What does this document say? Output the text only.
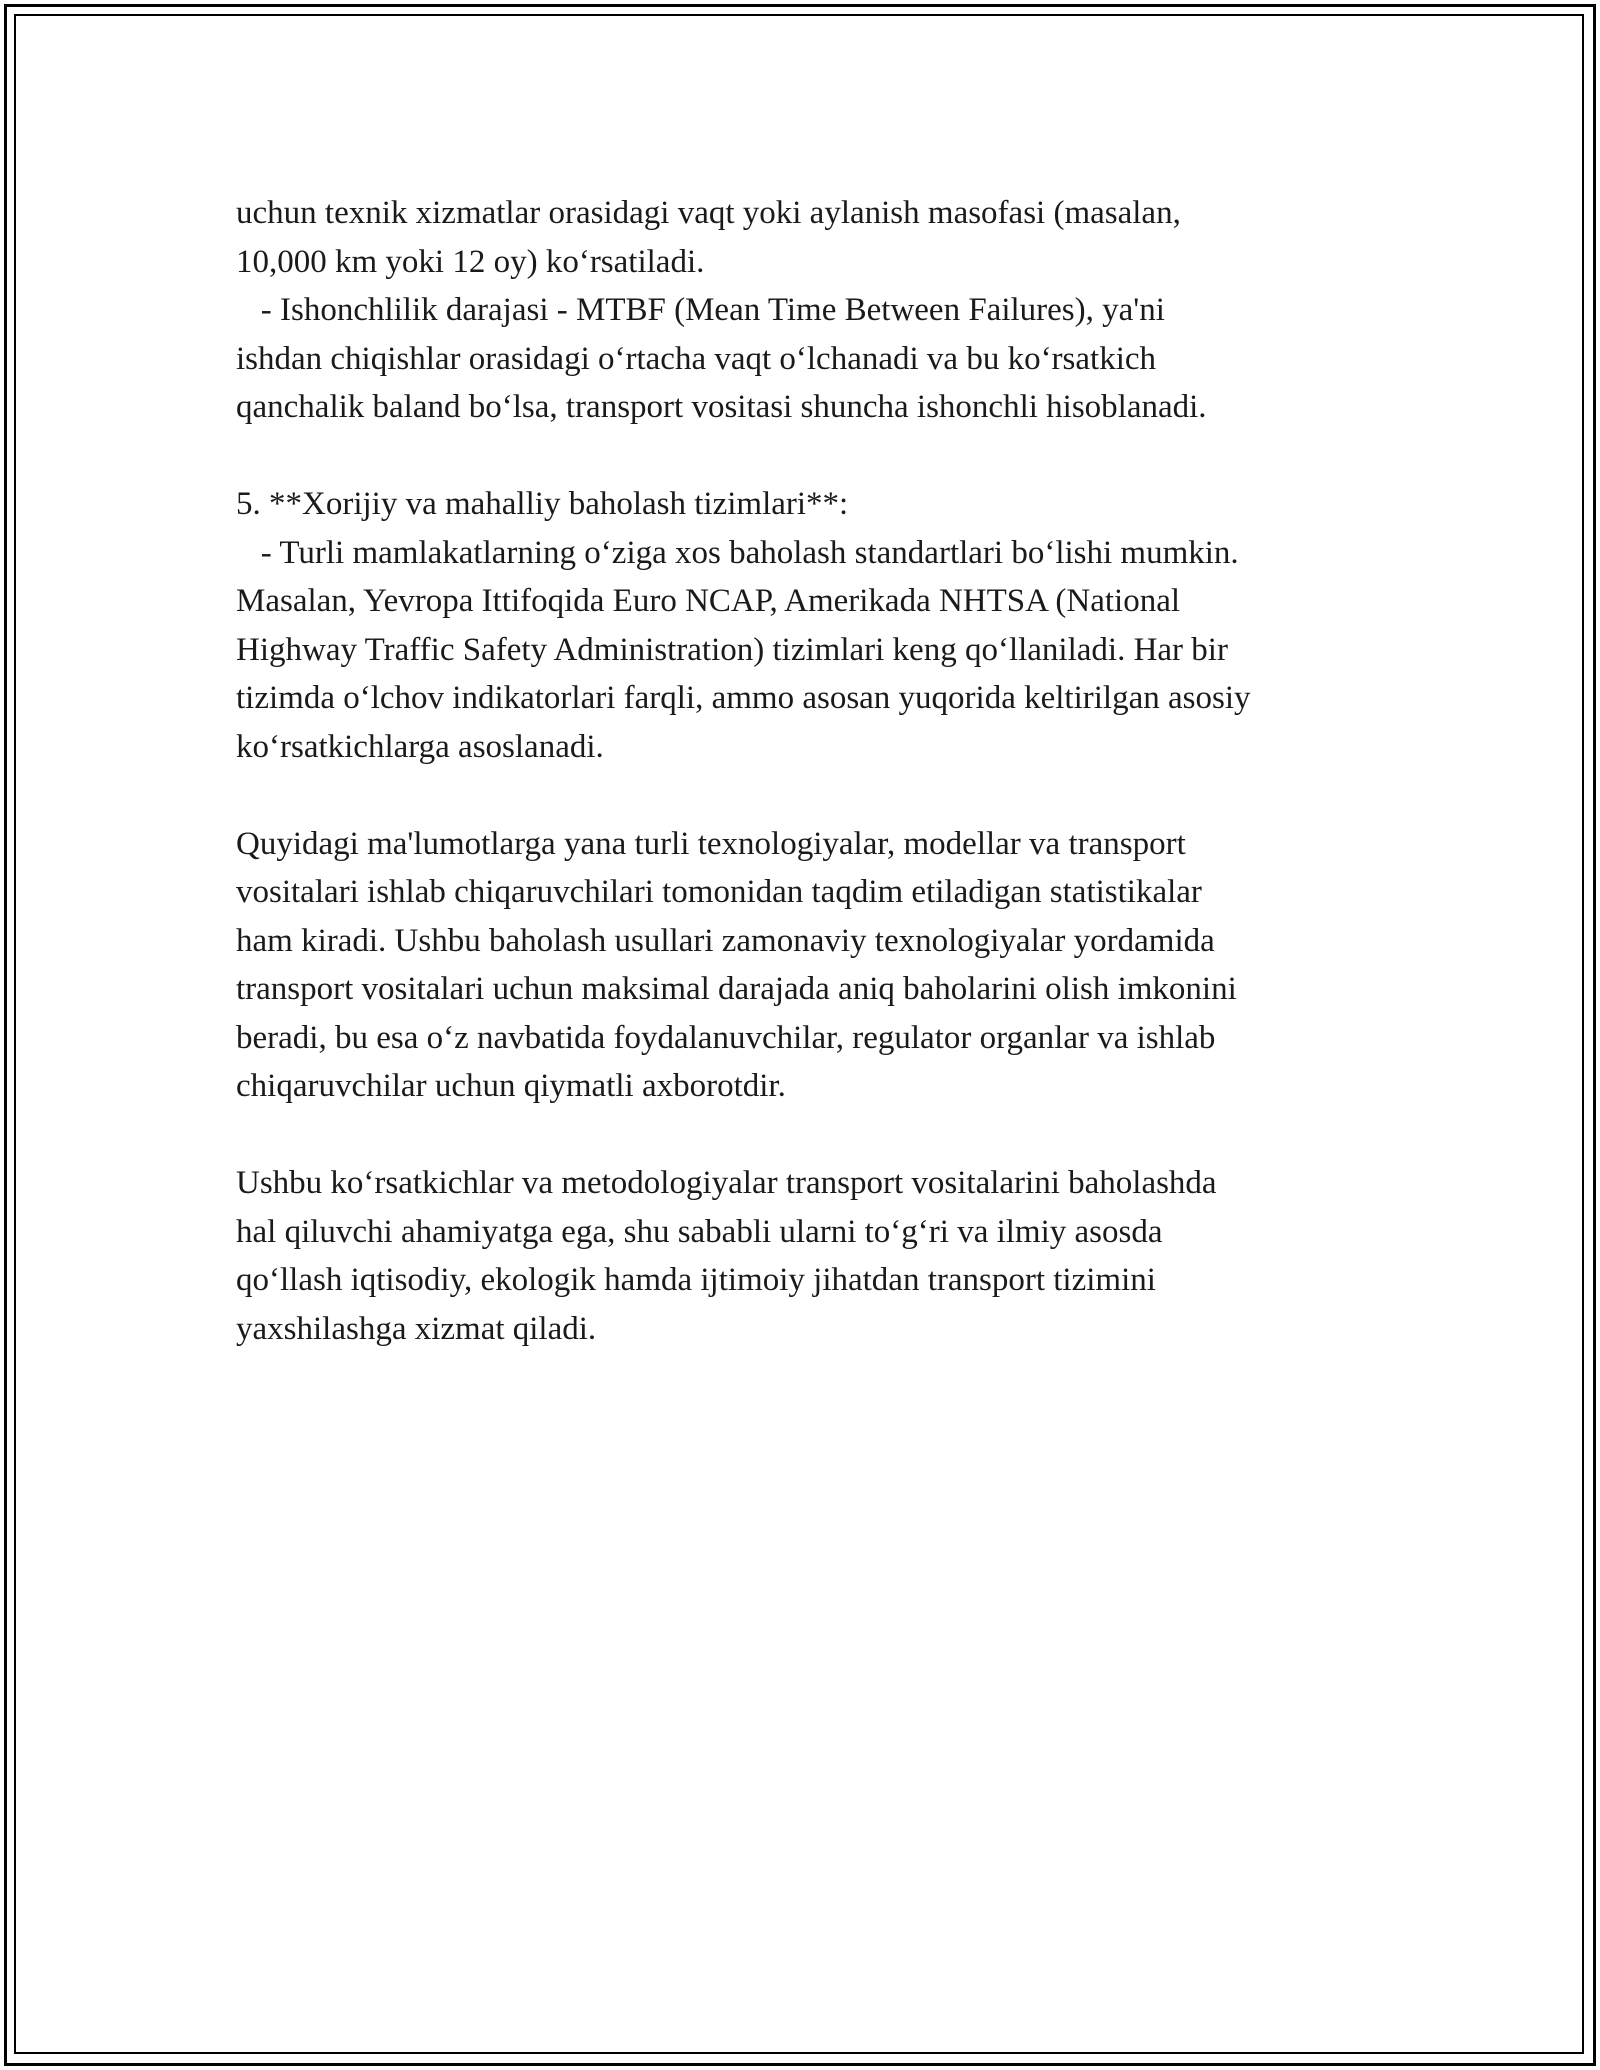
uchun texnik xizmatlar orasidagi vaqt yoki aylanish masofasi (masalan,
10,000 km yoki 12 oy) ko‘rsatiladi.
- Ishonchlilik darajasi - MTBF (Mean Time Between Failures), ya'ni
ishdan chiqishlar orasidagi o‘rtacha vaqt o‘lchanadi va bu ko‘rsatkich
qanchalik baland bo‘lsa, transport vositasi shuncha ishonchli hisoblanadi.
5. **Xorijiy va mahalliy baholash tizimlari**:
- Turli mamlakatlarning o‘ziga xos baholash standartlari bo‘lishi mumkin.
Masalan, Yevropa Ittifoqida Euro NCAP, Amerikada NHTSA (National
Highway Traffic Safety Administration) tizimlari keng qo‘llaniladi. Har bir
tizimda o‘lchov indikatorlari farqli, ammo asosan yuqorida keltirilgan asosiy
ko‘rsatkichlarga asoslanadi.
Quyidagi ma'lumotlarga yana turli texnologiyalar, modellar va transport
vositalari ishlab chiqaruvchilari tomonidan taqdim etiladigan statistikalar
ham kiradi. Ushbu baholash usullari zamonaviy texnologiyalar yordamida
transport vositalari uchun maksimal darajada aniq baholarini olish imkonini
beradi, bu esa o‘z navbatida foydalanuvchilar, regulator organlar va ishlab
chiqaruvchilar uchun qiymatli axborotdir.
Ushbu ko‘rsatkichlar va metodologiyalar transport vositalarini baholashda
hal qiluvchi ahamiyatga ega, shu sababli ularni to‘g‘ri va ilmiy asosda
qo‘llash iqtisodiy, ekologik hamda ijtimoiy jihatdan transport tizimini
yaxshilashga xizmat qiladi.
